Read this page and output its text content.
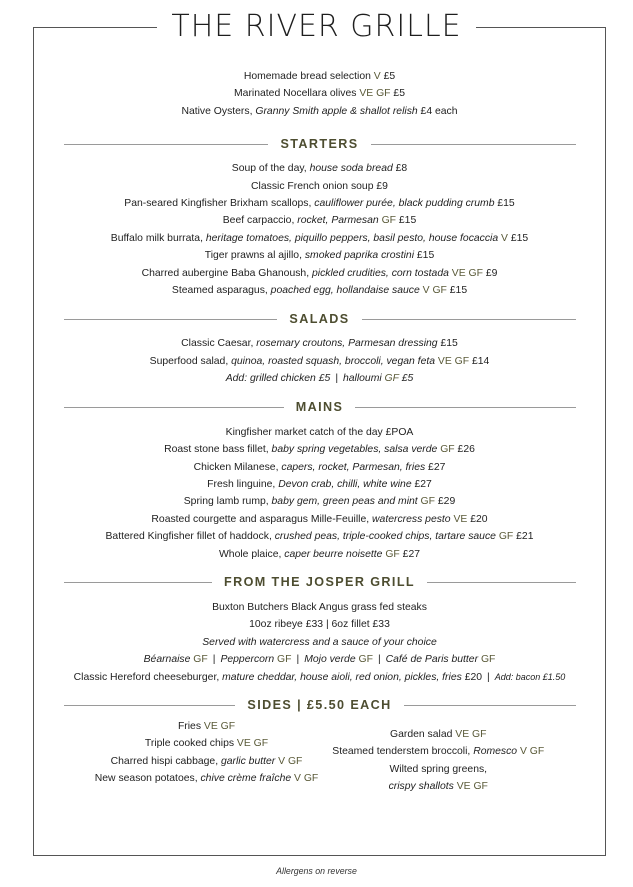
THE RIVER GRILLE
Homemade bread selection V £5
Marinated Nocellara olives VE GF £5
Native Oysters, Granny Smith apple & shallot relish £4 each
STARTERS
Soup of the day, house soda bread £8
Classic French onion soup £9
Pan-seared Kingfisher Brixham scallops, cauliflower purée, black pudding crumb £15
Beef carpaccio, rocket, Parmesan GF £15
Buffalo milk burrata, heritage tomatoes, piquillo peppers, basil pesto, house focaccia V £15
Tiger prawns al ajillo, smoked paprika crostini £15
Charred aubergine Baba Ghanoush, pickled crudities, corn tostada VE GF £9
Steamed asparagus, poached egg, hollandaise sauce V GF £15
SALADS
Classic Caesar, rosemary croutons, Parmesan dressing £15
Superfood salad, quinoa, roasted squash, broccoli, vegan feta VE GF £14
Add: grilled chicken £5 | halloumi GF £5
MAINS
Kingfisher market catch of the day £POA
Roast stone bass fillet, baby spring vegetables, salsa verde GF £26
Chicken Milanese, capers, rocket, Parmesan, fries £27
Fresh linguine, Devon crab, chilli, white wine £27
Spring lamb rump, baby gem, green peas and mint GF £29
Roasted courgette and asparagus Mille-Feuille, watercress pesto VE £20
Battered Kingfisher fillet of haddock, crushed peas, triple-cooked chips, tartare sauce GF £21
Whole plaice, caper beurre noisette GF £27
FROM THE JOSPER GRILL
Buxton Butchers Black Angus grass fed steaks
10oz ribeye £33 | 6oz fillet £33
Served with watercress and a sauce of your choice
Béarnaise GF | Peppercorn GF | Mojo verde GF | Café de Paris butter GF
Classic Hereford cheeseburger, mature cheddar, house aioli, red onion, pickles, fries £20 | Add: bacon £1.50
SIDES | £5.50 EACH
Fries VE GF
Triple cooked chips VE GF
Charred hispi cabbage, garlic butter V GF
New season potatoes, chive crème fraîche V GF
Garden salad VE GF
Steamed tenderstem broccoli, Romesco V GF
Wilted spring greens,
crispy shallots VE GF
Allergens on reverse
